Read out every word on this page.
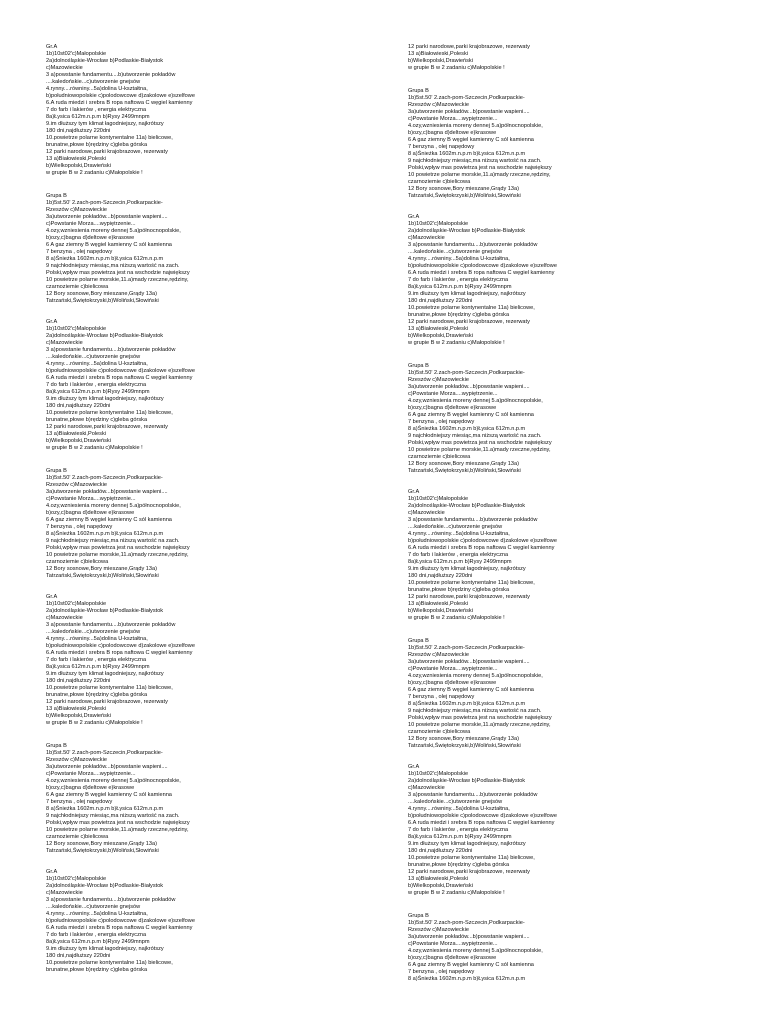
Gr.A
1b)10st02'c)Małopolskie
2a)dolnośląskie-Wrocław b)Podlaskie-Białystok
c)Mazowieckie
3 a)powstanie fundamentu....b)utworzenie pokładów
....kaledońskie...c)utworzenie gnejsów
4.rynny....równiny...5a)dolina U-kształtna,
b)południowopolskie c)polodowcowe d)zakolowe e)szelfowe
6.A ruda miedzi i srebra B ropa naftowa C węgiel kamienny
7 do farb i lakierów , energia elektryczna
8a)Łysica 612m.n.p.m b)Rysy 2499mnpm
9.im dłuższy tym klimat łagodniejszy, najkrótszy
180 dni,najdłuższy 220dni
10.powietrze polarne kontynentalne 11a) bielicowe,
brunatne,płowe b)rędziny c)gleba górska
12 parki narodowe,parki krajobrazowe, rezerwaty
13 a)Białowieski,Poleski
b)Wielkopolski,Drawieński
w grupie B w 2 zadaniu c)Małopolskie !
Grupa B
1b)5st.50' 2.zach-pom-Szczecin,Podkarpackie-
Rzeszów c)Mazowieckie
3a)utworzenie pokładów...b)powstanie wapieni....
c)Powstanie Morza....wypiętrzenie...
4.ozy,wzniesienia moreny dennej 5.a)północnopolskie,
b)ozy,c)bagna d)deltowe e)krasowe
6 A gaz ziemny B węgiel kamienny C sól kamienna
7 benzyna , olej napędowy
8 a)Śnieżka 1602m.n.p.m b)Łysica 612m.n.p.m
9 najchłodniejszy miesiąc,ma niższą wartość na zach.
Polski,wpływ mas powietrza jest na wschodzie największy
10 powietrze polarne morskie,11.a)mady rzeczne,rędziny,
czarnoziemie c)bielicowa
12 Bory sosnowe,Bory mieszane,Grądy 13a)
Tatrzański,Świętokrzyski,b)Woliński,Słowiński
Gr.A
1b)10st02'c)Małopolskie
2a)dolnośląskie-Wrocław b)Podlaskie-Białystok
c)Mazowieckie
3 a)powstanie fundamentu....b)utworzenie pokładów
....kaledońskie...c)utworzenie gnejsów
4.rynny....równiny...5a)dolina U-kształtna,
b)południowopolskie c)polodowcowe d)zakolowe e)szelfowe
6.A ruda miedzi i srebra B ropa naftowa C węgiel kamienny
7 do farb i lakierów , energia elektryczna
8a)Łysica 612m.n.p.m b)Rysy 2499mnpm
9.im dłuższy tym klimat łagodniejszy, najkrótszy
180 dni,najdłuższy 220dni
10.powietrze polarne kontynentalne 11a) bielicowe,
brunatne,płowe b)rędziny c)gleba górska
12 parki narodowe,parki krajobrazowe, rezerwaty
13 a)Białowieski,Poleski
b)Wielkopolski,Drawieński
w grupie B w 2 zadaniu c)Małopolskie !
Grupa B
1b)5st.50' 2.zach-pom-Szczecin,Podkarpackie-
Rzeszów c)Mazowieckie
3a)utworzenie pokładów...b)powstanie wapieni....
c)Powstanie Morza....wypiętrzenie...
4.ozy,wzniesienia moreny dennej 5.a)północnopolskie,
b)ozy,c)bagna d)deltowe e)krasowe
6 A gaz ziemny B węgiel kamienny C sól kamienna
7 benzyna , olej napędowy
8 a)Śnieżka 1602m.n.p.m b)Łysica 612m.n.p.m
9 najchłodniejszy miesiąc,ma niższą wartość na zach.
Polski,wpływ mas powietrza jest na wschodzie największy
10 powietrze polarne morskie,11.a)mady rzeczne,rędziny,
czarnoziemie c)bielicowa
12 Bory sosnowe,Bory mieszane,Grądy 13a)
Tatrzański,Świętokrzyski,b)Woliński,Słowiński
Gr.A
1b)10st02'c)Małopolskie
2a)dolnośląskie-Wrocław b)Podlaskie-Białystok
c)Mazowieckie
3 a)powstanie fundamentu....b)utworzenie pokładów
....kaledońskie...c)utworzenie gnejsów
4.rynny....równiny...5a)dolina U-kształtna,
b)południowopolskie c)polodowcowe d)zakolowe e)szelfowe
6.A ruda miedzi i srebra B ropa naftowa C węgiel kamienny
7 do farb i lakierów , energia elektryczna
8a)Łysica 612m.n.p.m b)Rysy 2499mnpm
9.im dłuższy tym klimat łagodniejszy, najkrótszy
180 dni,najdłuższy 220dni
10.powietrze polarne kontynentalne 11a) bielicowe,
brunatne,płowe b)rędziny c)gleba górska
12 parki narodowe,parki krajobrazowe, rezerwaty
13 a)Białowieski,Poleski
b)Wielkopolski,Drawieński
w grupie B w 2 zadaniu c)Małopolskie !
Grupa B
1b)5st.50' 2.zach-pom-Szczecin,Podkarpackie-
Rzeszów c)Mazowieckie
3a)utworzenie pokładów...b)powstanie wapieni....
c)Powstanie Morza....wypiętrzenie...
4.ozy,wzniesienia moreny dennej 5.a)północnopolskie,
b)ozy,c)bagna d)deltowe e)krasowe
6 A gaz ziemny B węgiel kamienny C sól kamienna
7 benzyna , olej napędowy
8 a)Śnieżka 1602m.n.p.m b)Łysica 612m.n.p.m
9 najchłodniejszy miesiąc,ma niższą wartość na zach.
Polski,wpływ mas powietrza jest na wschodzie największy
10 powietrze polarne morskie,11.a)mady rzeczne,rędziny,
czarnoziemie c)bielicowa
12 Bory sosnowe,Bory mieszane,Grądy 13a)
Tatrzański,Świętokrzyski,b)Woliński,Słowiński
Gr.A
1b)10st02'c)Małopolskie
2a)dolnośląskie-Wrocław b)Podlaskie-Białystok
c)Mazowieckie
3 a)powstanie fundamentu....b)utworzenie pokładów
....kaledońskie...c)utworzenie gnejsów
4.rynny....równiny...5a)dolina U-kształtna,
b)południowopolskie c)polodowcowe d)zakolowe e)szelfowe
6.A ruda miedzi i srebra B ropa naftowa C węgiel kamienny
7 do farb i lakierów , energia elektryczna
8a)Łysica 612m.n.p.m b)Rysy 2499mnpm
9.im dłuższy tym klimat łagodniejszy, najkrótszy
180 dni,najdłuższy 220dni
10.powietrze polarne kontynentalne 11a) bielicowe,
brunatne,płowe b)rędziny c)gleba górska
12 parki narodowe,parki krajobrazowe, rezerwaty
13 a)Białowieski,Poleski
b)Wielkopolski,Drawieński
w grupie B w 2 zadaniu c)Małopolskie !
Grupa B
1b)5st.50' 2.zach-pom-Szczecin,Podkarpackie-
Rzeszów c)Mazowieckie
3a)utworzenie pokładów...b)powstanie wapieni....
c)Powstanie Morza....wypiętrzenie...
4.ozy,wzniesienia moreny dennej 5.a)północnopolskie,
b)ozy,c)bagna d)deltowe e)krasowe
6 A gaz ziemny B węgiel kamienny C sól kamienna
7 benzyna , olej napędowy
8 a)Śnieżka 1602m.n.p.m b)Łysica 612m.n.p.m
9 najchłodniejszy miesiąc,ma niższą wartość na zach.
Polski,wpływ mas powietrza jest na wschodzie największy
10 powietrze polarne morskie,11.a)mady rzeczne,rędziny,
czarnoziemie c)bielicowa
12 Bory sosnowe,Bory mieszane,Grądy 13a)
Tatrzański,Świętokrzyski,b)Woliński,Słowiński
Gr.A
1b)10st02'c)Małopolskie
2a)dolnośląskie-Wrocław b)Podlaskie-Białystok
c)Mazowieckie
3 a)powstanie fundamentu....b)utworzenie pokładów
....kaledońskie...c)utworzenie gnejsów
4.rynny....równiny...5a)dolina U-kształtna,
b)południowopolskie c)polodowcowe d)zakolowe e)szelfowe
6.A ruda miedzi i srebra B ropa naftowa C węgiel kamienny
7 do farb i lakierów , energia elektryczna
8a)Łysica 612m.n.p.m b)Rysy 2499mnpm
9.im dłuższy tym klimat łagodniejszy, najkrótszy
180 dni,najdłuższy 220dni
10.powietrze polarne kontynentalne 11a) bielicowe,
brunatne,płowe b)rędziny c)gleba górska
12 parki narodowe,parki krajobrazowe, rezerwaty
13 a)Białowieski,Poleski
b)Wielkopolski,Drawieński
w grupie B w 2 zadaniu c)Małopolskie !
Grupa B
1b)5st.50' 2.zach-pom-Szczecin,Podkarpackie-
Rzeszów c)Mazowieckie
3a)utworzenie pokładów...b)powstanie wapieni....
c)Powstanie Morza....wypiętrzenie...
4.ozy,wzniesienia moreny dennej 5.a)północnopolskie,
b)ozy,c)bagna d)deltowe e)krasowe
6 A gaz ziemny B węgiel kamienny C sól kamienna
7 benzyna , olej napędowy
8 a)Śnieżka 1602m.n.p.m b)Łysica 612m.n.p.m
9 najchłodniejszy miesiąc,ma niższą wartość na zach.
Polski,wpływ mas powietrza jest na wschodzie największy
10 powietrze polarne morskie,11.a)mady rzeczne,rędziny,
czarnoziemie c)bielicowa
12 Bory sosnowe,Bory mieszane,Grądy 13a)
Tatrzański,Świętokrzyski,b)Woliński,Słowiński
Gr.A
1b)10st02'c)Małopolskie
2a)dolnośląskie-Wrocław b)Podlaskie-Białystok
c)Mazowieckie
3 a)powstanie fundamentu....b)utworzenie pokładów
....kaledońskie...c)utworzenie gnejsów
4.rynny....równiny...5a)dolina U-kształtna,
b)południowopolskie c)polodowcowe d)zakolowe e)szelfowe
6.A ruda miedzi i srebra B ropa naftowa C węgiel kamienny
7 do farb i lakierów , energia elektryczna
8a)Łysica 612m.n.p.m b)Rysy 2499mnpm
9.im dłuższy tym klimat łagodniejszy, najkrótszy
180 dni,najdłuższy 220dni
10.powietrze polarne kontynentalne 11a) bielicowe,
brunatne,płowe b)rędziny c)gleba górska
12 parki narodowe,parki krajobrazowe, rezerwaty
13 a)Białowieski,Poleski
b)Wielkopolski,Drawieński
w grupie B w 2 zadaniu c)Małopolskie !
Grupa B
1b)5st.50' 2.zach-pom-Szczecin,Podkarpackie-
Rzeszów c)Mazowieckie
3a)utworzenie pokładów...b)powstanie wapieni....
c)Powstanie Morza....wypiętrzenie...
4.ozy,wzniesienia moreny dennej 5.a)północnopolskie,
b)ozy,c)bagna d)deltowe e)krasowe
6 A gaz ziemny B węgiel kamienny C sól kamienna
7 benzyna , olej napędowy
8 a)Śnieżka 1602m.n.p.m b)Łysica 612m.n.p.m
9 najchłodniejszy miesiąc,ma niższą wartość na zach.
Polski,wpływ mas powietrza jest na wschodzie największy
10 powietrze polarne morskie,11.a)mady rzeczne,rędziny,
czarnoziemie c)bielicowa
12 Bory sosnowe,Bory mieszane,Grądy 13a)
Tatrzański,Świętokrzyski,b)Woliński,Słowiński
Gr.A
1b)10st02'c)Małopolskie
2a)dolnośląskie-Wrocław b)Podlaskie-Białystok
c)Mazowieckie
3 a)powstanie fundamentu....b)utworzenie pokładów
....kaledońskie...c)utworzenie gnejsów
4.rynny....równiny...5a)dolina U-kształtna,
b)południowopolskie c)polodowcowe d)zakolowe e)szelfowe
6.A ruda miedzi i srebra B ropa naftowa C węgiel kamienny
7 do farb i lakierów , energia elektryczna
8a)Łysica 612m.n.p.m b)Rysy 2499mnpm
9.im dłuższy tym klimat łagodniejszy, najkrótszy
180 dni,najdłuższy 220dni
10.powietrze polarne kontynentalne 11a) bielicowe,
brunatne,płowe b)rędziny c)gleba górska
12 parki narodowe,parki krajobrazowe, rezerwaty
13 a)Białowieski,Poleski
b)Wielkopolski,Drawieński
w grupie B w 2 zadaniu c)Małopolskie !
Grupa B
1b)5st.50' 2.zach-pom-Szczecin,Podkarpackie-
Rzeszów c)Mazowieckie
3a)utworzenie pokładów...b)powstanie wapieni....
c)Powstanie Morza....wypiętrzenie...
4.ozy,wzniesienia moreny dennej 5.a)północnopolskie,
b)ozy,c)bagna d)deltowe e)krasowe
6 A gaz ziemny B węgiel kamienny C sól kamienna
7 benzyna , olej napędowy
8 a)Śnieżka 1602m.n.p.m b)Łysica 612m.n.p.m
